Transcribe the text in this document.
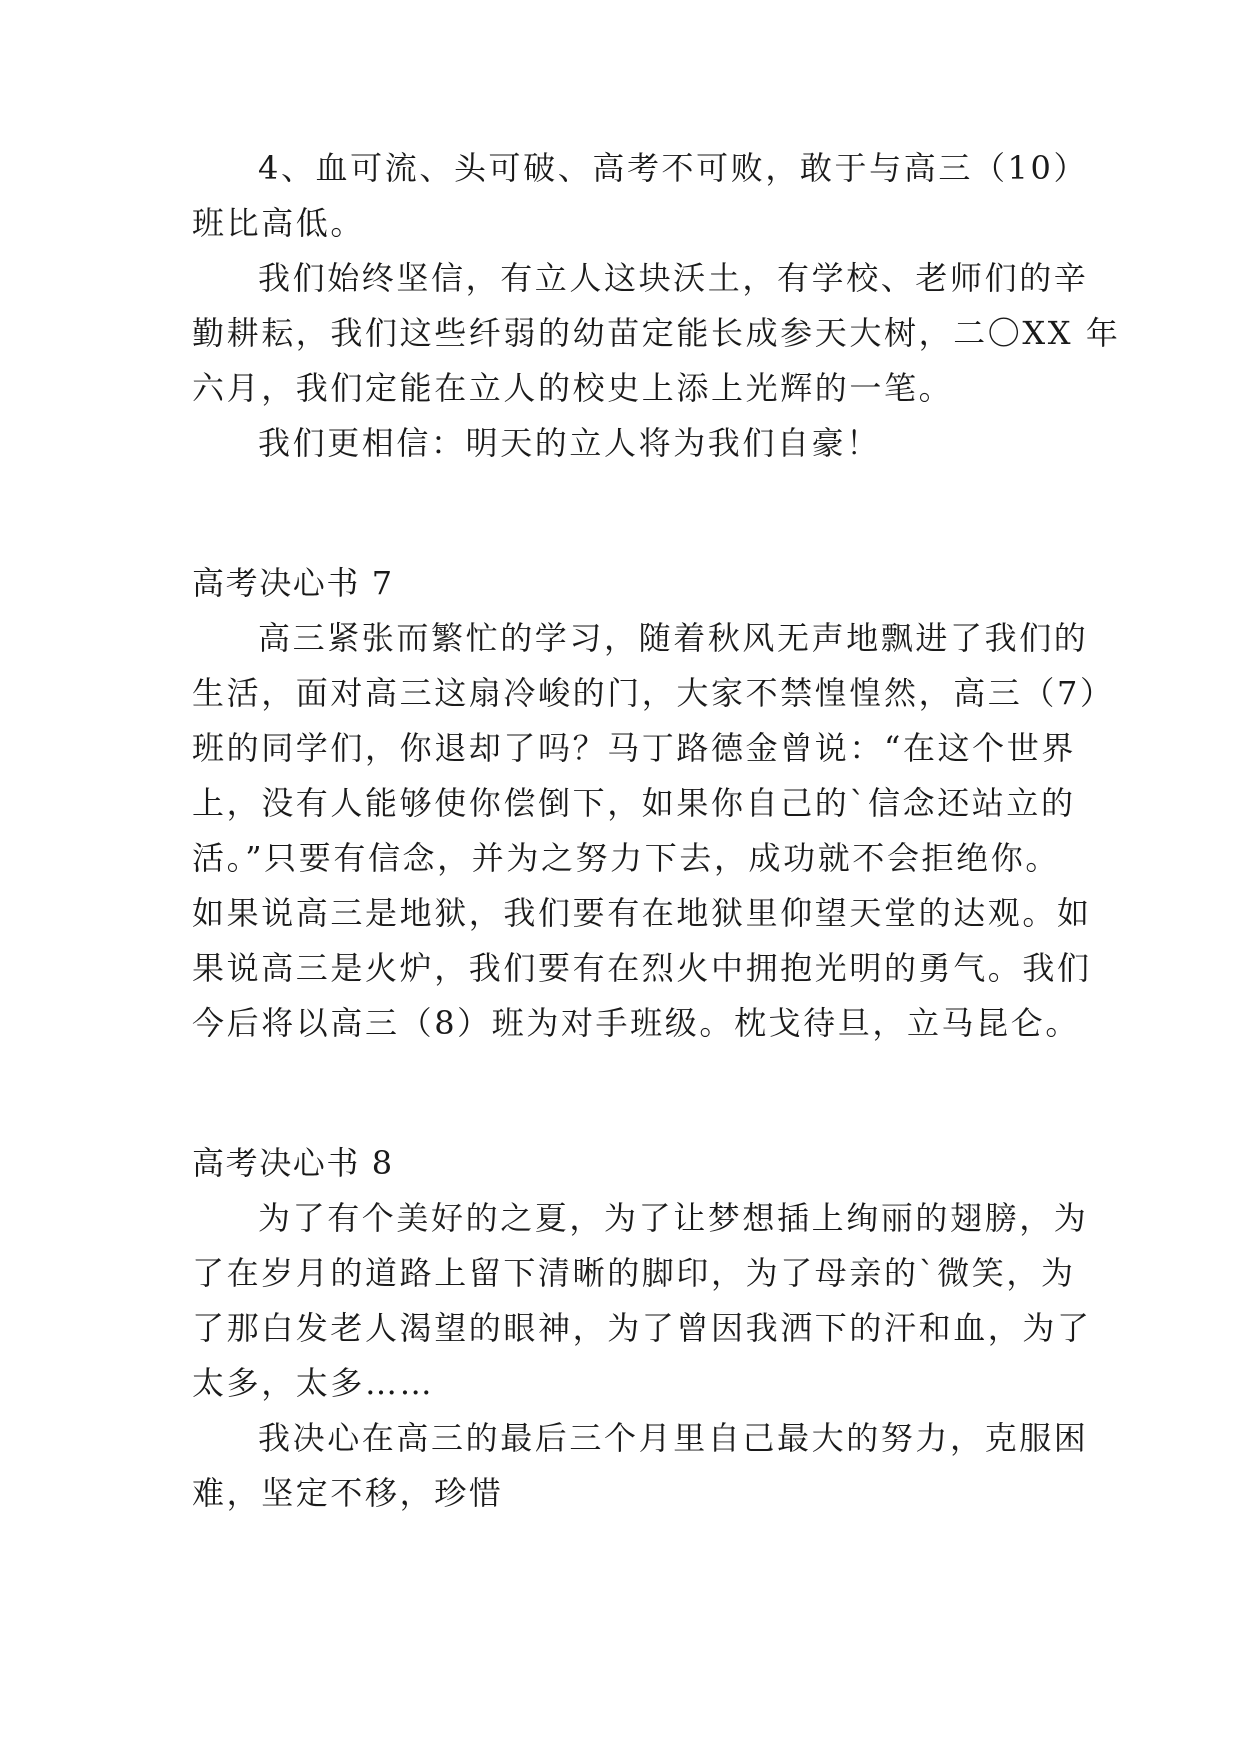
4、血可流、头可破、高考不可败，敢于与高三（10）
班比高低。
我们始终坚信，有立人这块沃土，有学校、老师们的辛
勤耕耘，我们这些纤弱的幼苗定能长成参天大树，二〇XX 年
六月，我们定能在立人的校史上添上光辉的一笔。
我们更相信：明天的立人将为我们自豪！
高考决心书 7
高三紧张而繁忙的学习，随着秋风无声地飘进了我们的
生活，面对高三这扇冷峻的门，大家不禁惶惶然，高三（7）
班的同学们，你退却了吗？马丁路德金曾说：“在这个世界
上，没有人能够使你偿倒下，如果你自己的`信念还站立的
活。”只要有信念，并为之努力下去，成功就不会拒绝你。
如果说高三是地狱，我们要有在地狱里仰望天堂的达观。如
果说高三是火炉，我们要有在烈火中拥抱光明的勇气。我们
今后将以高三（8）班为对手班级。枕戈待旦，立马昆仑。
高考决心书 8
为了有个美好的之夏，为了让梦想插上绚丽的翅膀，为
了在岁月的道路上留下清晰的脚印，为了母亲的`微笑，为
了那白发老人渴望的眼神，为了曾因我洒下的汗和血，为了
太多，太多……
我决心在高三的最后三个月里自己最大的努力，克服困
难，坚定不移，珍惜
